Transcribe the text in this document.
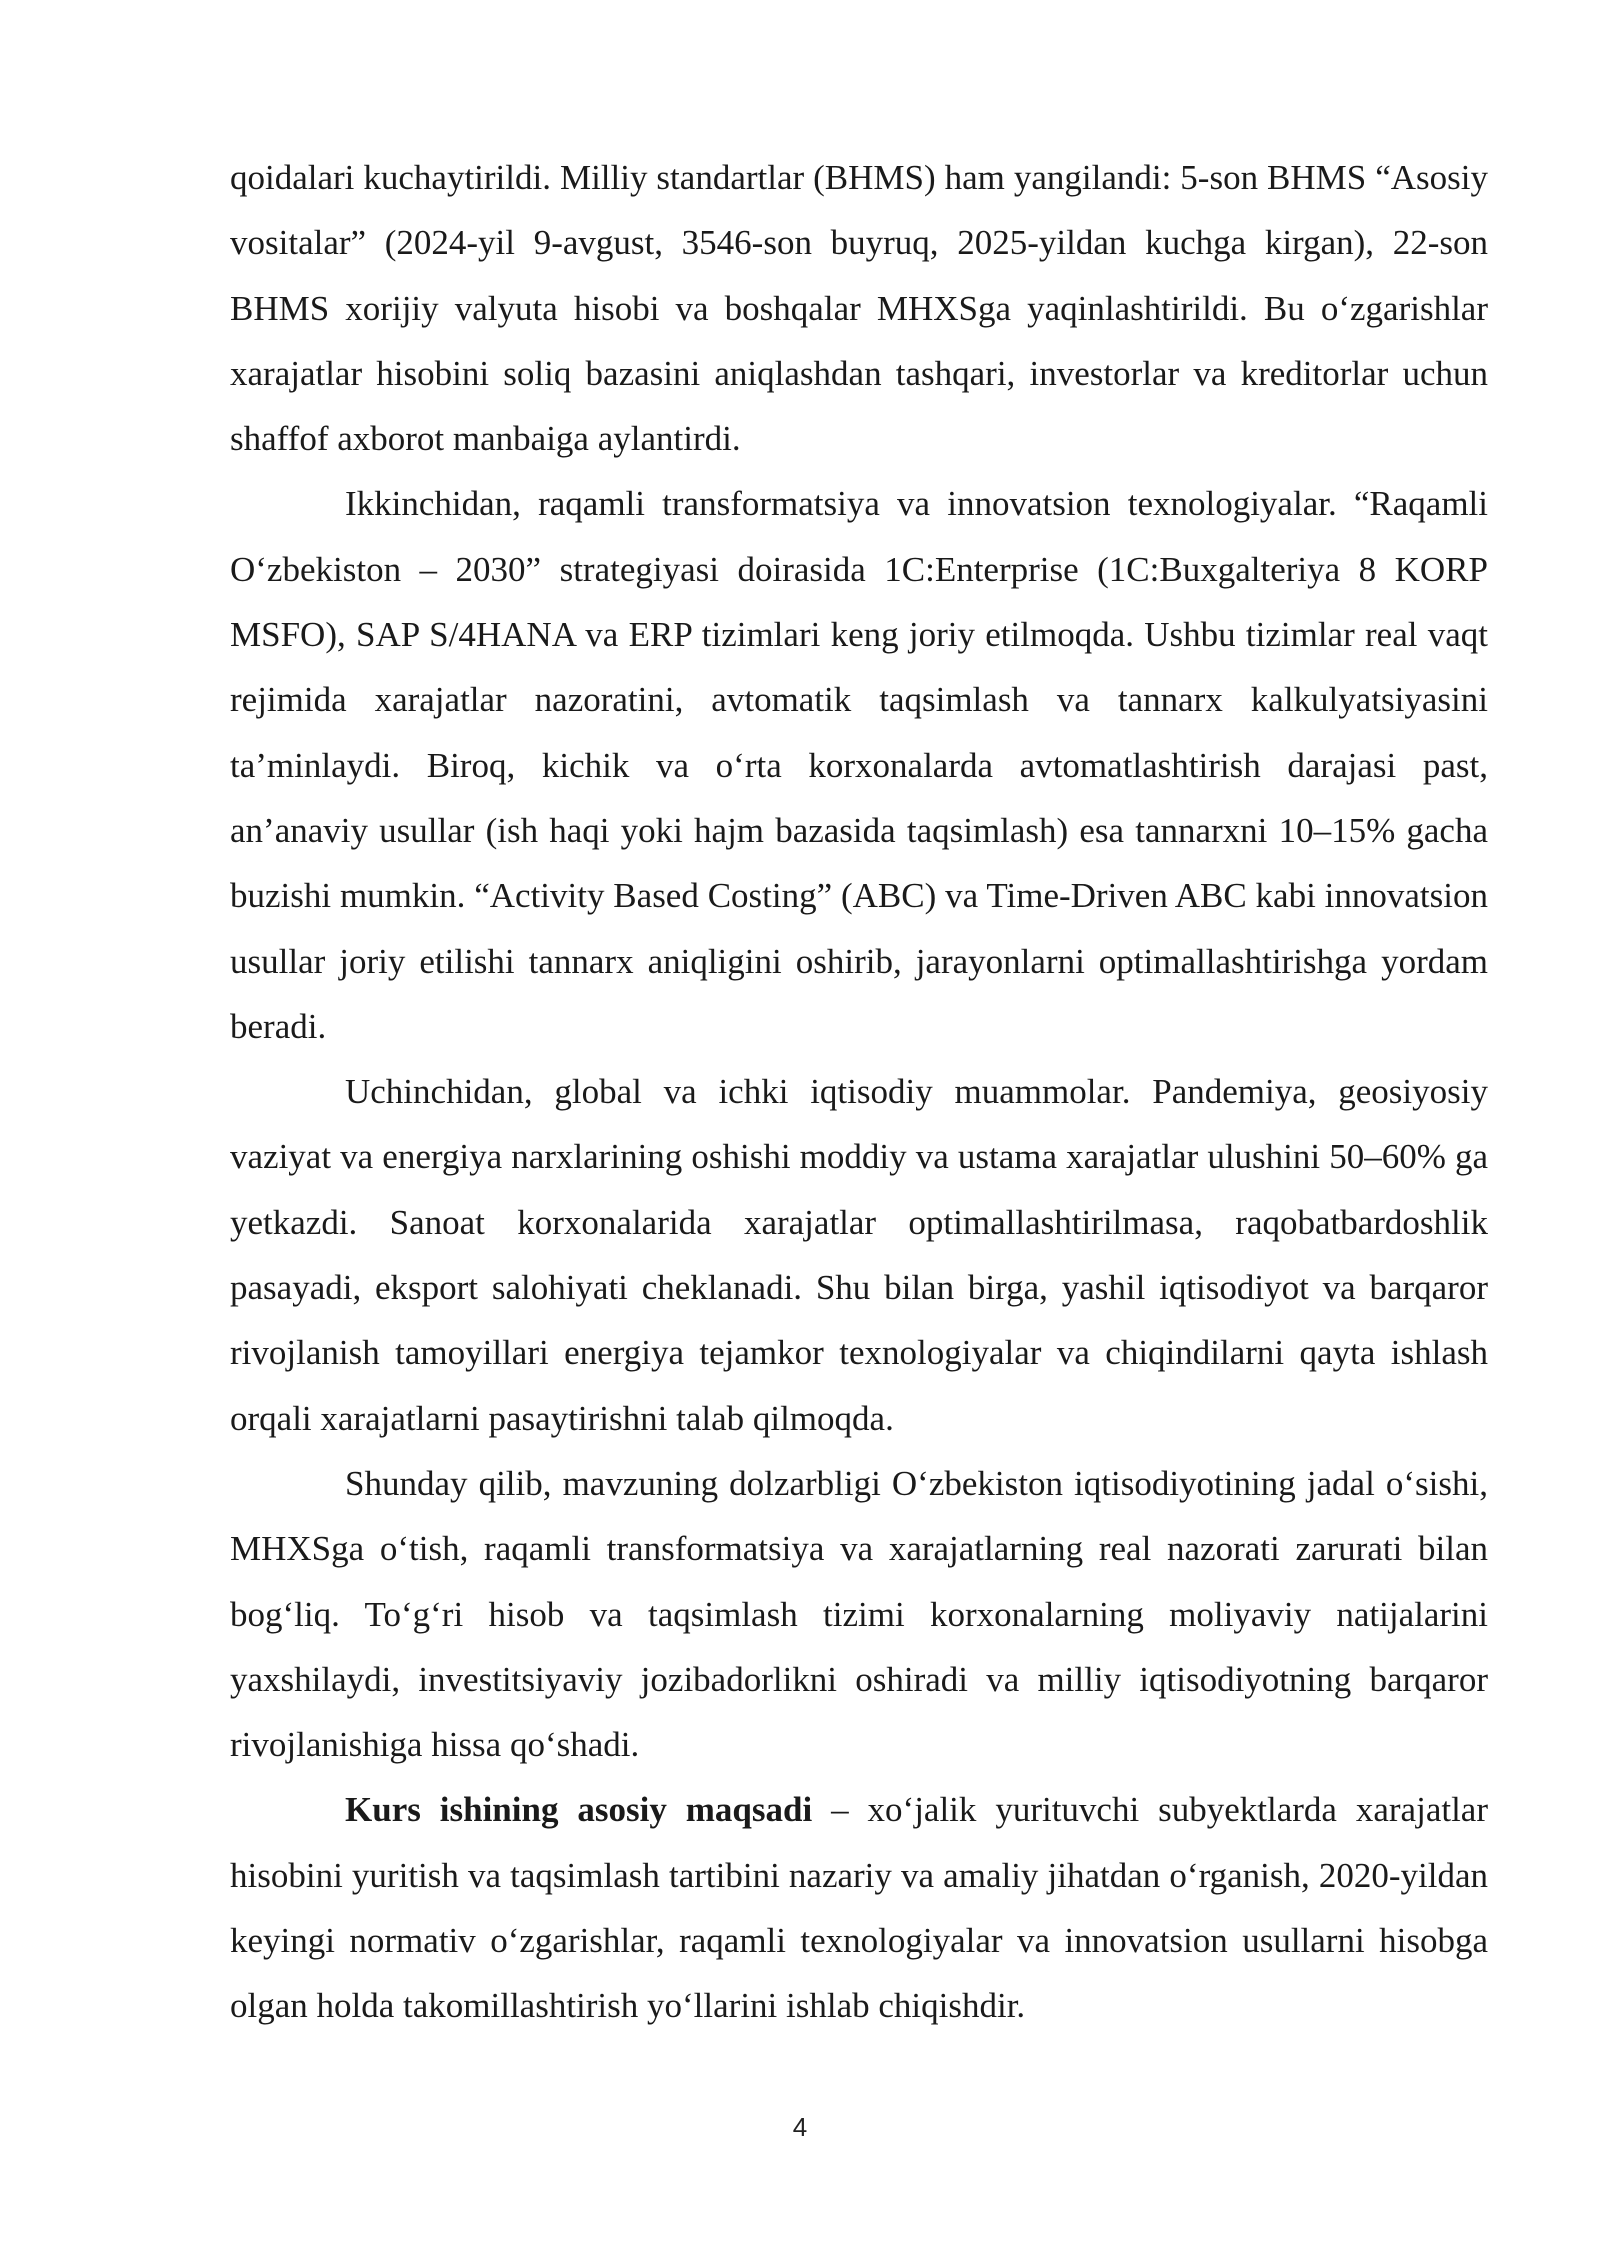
qoidalari kuchaytirildi. Milliy standartlar (BHMS) ham yangilandi: 5-son BHMS “Asosiy vositalar” (2024-yil 9-avgust, 3546-son buyruq, 2025-yildan kuchga kirgan), 22-son BHMS xorijiy valyuta hisobi va boshqalar MHXSga yaqinlashtirildi. Bu o‘zgarishlar xarajatlar hisobini soliq bazasini aniqlashdan tashqari, investorlar va kreditorlar uchun shaffof axborot manbaiga aylantirdi.

Ikkinchidan, raqamli transformatsiya va innovatsion texnologiyalar. “Raqamli O‘zbekiston – 2030” strategiyasi doirasida 1C:Enterprise (1C:Buxgalteriya 8 KORP MSFO), SAP S/4HANA va ERP tizimlari keng joriy etilmoqda. Ushbu tizimlar real vaqt rejimida xarajatlar nazoratini, avtomatik taqsimlash va tannarx kalkulyatsiyasini ta’minlaydi. Biroq, kichik va o‘rta korxonalarda avtomatlashtirish darajasi past, an’anaviy usullar (ish haqi yoki hajm bazasida taqsimlash) esa tannarxni 10–15% gacha buzishi mumkin. “Activity Based Costing” (ABC) va Time-Driven ABC kabi innovatsion usullar joriy etilishi tannarx aniqligini oshirib, jarayonlarni optimallashtirishga yordam beradi.

Uchinchidan, global va ichki iqtisodiy muammolar. Pandemiya, geosiyosiy vaziyat va energiya narxlarining oshishi moddiy va ustama xarajatlar ulushini 50–60% ga yetkazdi. Sanoat korxonalarida xarajatlar optimallashtirilmasa, raqobatbardoshlik pasayadi, eksport salohiyati cheklanadi. Shu bilan birga, yashil iqtisodiyot va barqaror rivojlanish tamoyillari energiya tejamkor texnologiyalar va chiqindilarni qayta ishlash orqali xarajatlarni pasaytirishni talab qilmoqda.

Shunday qilib, mavzuning dolzarbligi O‘zbekiston iqtisodiyotining jadal o‘sishi, MHXSga o‘tish, raqamli transformatsiya va xarajatlarning real nazorati zarurati bilan bog‘liq. To‘g‘ri hisob va taqsimlash tizimi korxonalarning moliyaviy natijalarini yaxshilaydi, investitsiyaviy jozibadorlikni oshiradi va milliy iqtisodiyotning barqaror rivojlanishiga hissa qo‘shadi.

Kurs ishining asosiy maqsadi – xo‘jalik yurituvchi subyektlarda xarajatlar hisobini yuritish va taqsimlash tartibini nazariy va amaliy jihatdan o‘rganish, 2020-yildan keyingi normativ o‘zgarishlar, raqamli texnologiyalar va innovatsion usullarni hisobga olgan holda takomillashtirish yo‘llarini ishlab chiqishdir.

4
